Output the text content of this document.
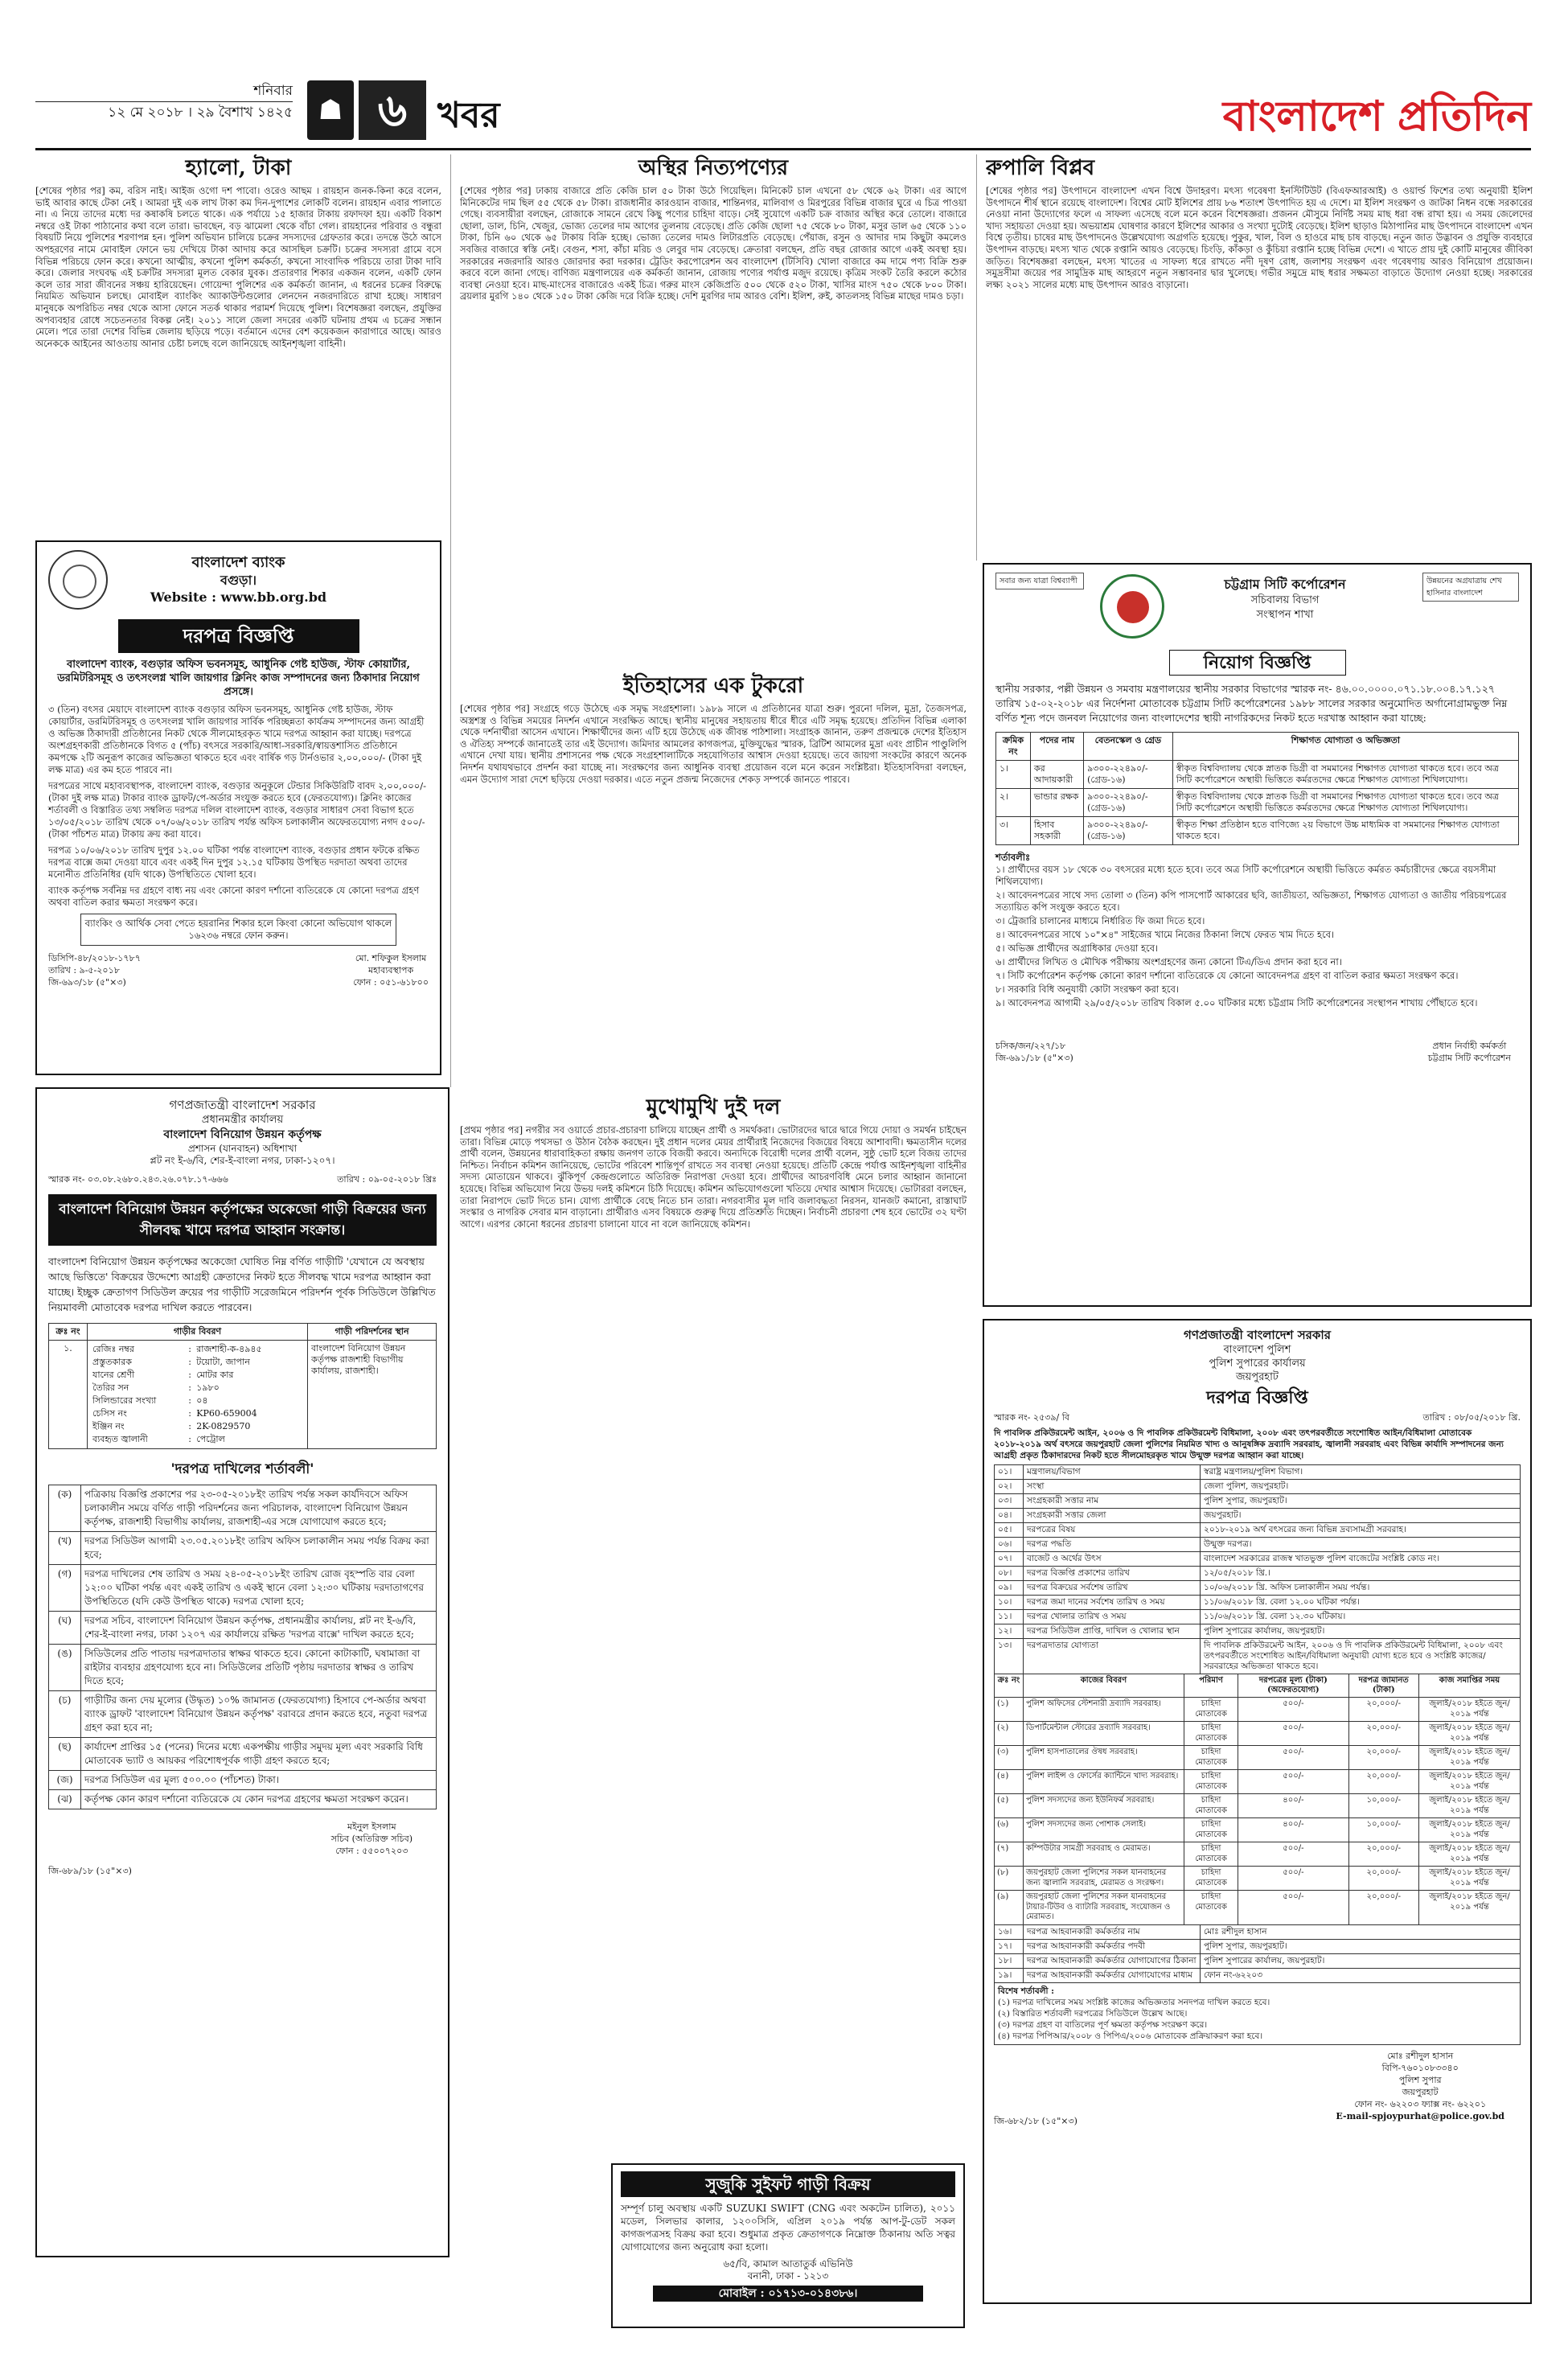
শনিবার
১২ মে ২০১৮ । ২৯ বৈশাখ ১৪২৫ ☗ ৬ খবর	বাংলাদেশ প্রতিদিন
হ্যালো, টাকা
[শেষের পৃষ্ঠার পর] কম, বরিস নাই। আইজ ওগো দশ পাবো। ওরেও আছম । রায়হান জনক-কিনা করে বলেন, ভাই আবার কাছে টেকা নেই । আমরা দুই এক লাখ টাকা কম দিন-দুপাশের লোকটি বলেন। রায়হান এবার পালাতে না। এ নিয়ে তাদের মধ্যে দর কষাকষি চলতে থাকে। এক পর্যায়ে ১৫ হাজার টাকায় রফাদফা হয়। একটি বিকাশ নম্বরে ওই টাকা পাঠানোর কথা বলে তারা। ভাবছেন, বড় ঝামেলা থেকে বাঁচা গেল। রায়হানের পরিবার ও বন্ধুরা বিষয়টি নিয়ে পুলিশের শরণাপন্ন হন। পুলিশ অভিযান চালিয়ে চক্রের সদস্যদের গ্রেফতার করে। তদন্তে উঠে আসে অপহরণের নামে মোবাইল ফোনে ভয় দেখিয়ে টাকা আদায় করে আসছিল চক্রটি। চক্রের সদস্যরা গ্রামে বসে বিভিন্ন পরিচয়ে ফোন করে। কখনো আত্মীয়, কখনো পুলিশ কর্মকর্তা, কখনো সাংবাদিক পরিচয়ে তারা টাকা দাবি করে। জেলার সংঘবদ্ধ এই চক্রটির সদস্যরা মূলত বেকার যুবক। প্রতারণার শিকার একজন বলেন, একটি ফোন কলে তার সারা জীবনের সঞ্চয় হারিয়েছেন। গোয়েন্দা পুলিশের এক কর্মকর্তা জানান, এ ধরনের চক্রের বিরুদ্ধে নিয়মিত অভিযান চলছে। মোবাইল ব্যাংকিং অ্যাকাউন্টগুলোর লেনদেন নজরদারিতে রাখা হচ্ছে। সাধারণ মানুষকে অপরিচিত নম্বর থেকে আসা ফোনে সতর্ক থাকার পরামর্শ দিয়েছে পুলিশ। বিশেষজ্ঞরা বলছেন, প্রযুক্তির অপব্যবহার রোধে সচেতনতার বিকল্প নেই। ২০১১ সালে জেলা সদরের একটি ঘটনায় প্রথম এ চক্রের সন্ধান মেলে। পরে তারা দেশের বিভিন্ন জেলায় ছড়িয়ে পড়ে। বর্তমানে এদের বেশ কয়েকজন কারাগারে আছে। আরও অনেককে আইনের আওতায় আনার চেষ্টা চলছে বলে জানিয়েছে আইনশৃঙ্খলা বাহিনী।
অস্থির নিত্যপণ্যের
[শেষের পৃষ্ঠার পর] ঢাকায় বাজারে প্রতি কেজি চাল ৫০ টাকা উঠে গিয়েছিল। মিনিকেট চাল এখনো ৫৮ থেকে ৬২ টাকা। এর আগে মিনিকেটের দাম ছিল ৫৫ থেকে ৫৮ টাকা। রাজধানীর কারওয়ান বাজার, শান্তিনগর, মালিবাগ ও মিরপুরের বিভিন্ন বাজার ঘুরে এ চিত্র পাওয়া গেছে। ব্যবসায়ীরা বলছেন, রোজাকে সামনে রেখে কিছু পণ্যের চাহিদা বাড়ে। সেই সুযোগে একটি চক্র বাজার অস্থির করে তোলে। বাজারে ছোলা, ডাল, চিনি, খেজুর, ভোজ্য তেলের দাম আগের তুলনায় বেড়েছে। প্রতি কেজি ছোলা ৭৫ থেকে ৮০ টাকা, মসুর ডাল ৬৫ থেকে ১১০ টাকা, চিনি ৬০ থেকে ৬৫ টাকায় বিক্রি হচ্ছে। ভোজ্য তেলের দামও লিটারপ্রতি বেড়েছে। পেঁয়াজ, রসুন ও আদার দাম কিছুটা কমলেও সবজির বাজারে স্বস্তি নেই। বেগুন, শসা, কাঁচা মরিচ ও লেবুর দাম বেড়েছে। ক্রেতারা বলছেন, প্রতি বছর রোজার আগে একই অবস্থা হয়। সরকারের নজরদারি আরও জোরদার করা দরকার। ট্রেডিং করপোরেশন অব বাংলাদেশ (টিসিবি) খোলা বাজারে কম দামে পণ্য বিক্রি শুরু করবে বলে জানা গেছে। বাণিজ্য মন্ত্রণালয়ের এক কর্মকর্তা জানান, রোজায় পণ্যের পর্যাপ্ত মজুদ রয়েছে। কৃত্রিম সংকট তৈরি করলে কঠোর ব্যবস্থা নেওয়া হবে। মাছ-মাংসের বাজারেও একই চিত্র। গরুর মাংস কেজিপ্রতি ৫০০ থেকে ৫২০ টাকা, খাসির মাংস ৭৫০ থেকে ৮০০ টাকা। ব্রয়লার মুরগি ১৪০ থেকে ১৫০ টাকা কেজি দরে বিক্রি হচ্ছে। দেশি মুরগির দাম আরও বেশি। ইলিশ, রুই, কাতলসহ বিভিন্ন মাছের দামও চড়া।
রুপালি বিপ্লব
[শেষের পৃষ্ঠার পর] উৎপাদনে বাংলাদেশ এখন বিশ্বে উদাহরণ। মৎস্য গবেষণা ইনস্টিটিউট (বিএফআরআই) ও ওয়ার্ল্ড ফিশের তথ্য অনুযায়ী ইলিশ উৎপাদনে শীর্ষ স্থানে রয়েছে বাংলাদেশ। বিশ্বের মোট ইলিশের প্রায় ৮৬ শতাংশ উৎপাদিত হয় এ দেশে। মা ইলিশ সংরক্ষণ ও জাটকা নিধন বন্ধে সরকারের নেওয়া নানা উদ্যোগের ফলে এ সাফল্য এসেছে বলে মনে করেন বিশেষজ্ঞরা। প্রজনন মৌসুমে নির্দিষ্ট সময় মাছ ধরা বন্ধ রাখা হয়। এ সময় জেলেদের খাদ্য সহায়তা দেওয়া হয়। অভয়াশ্রম ঘোষণার কারণে ইলিশের আকার ও সংখ্যা দুটোই বেড়েছে। ইলিশ ছাড়াও মিঠাপানির মাছ উৎপাদনে বাংলাদেশ এখন বিশ্বে তৃতীয়। চাষের মাছ উৎপাদনেও উল্লেখযোগ্য অগ্রগতি হয়েছে। পুকুর, খাল, বিল ও হাওরে মাছ চাষ বাড়ছে। নতুন জাত উদ্ভাবন ও প্রযুক্তি ব্যবহারে উৎপাদন বাড়ছে। মৎস্য খাত থেকে রপ্তানি আয়ও বেড়েছে। চিংড়ি, কাঁকড়া ও কুঁচিয়া রপ্তানি হচ্ছে বিভিন্ন দেশে। এ খাতে প্রায় দুই কোটি মানুষের জীবিকা জড়িত। বিশেষজ্ঞরা বলছেন, মৎস্য খাতের এ সাফল্য ধরে রাখতে নদী দূষণ রোধ, জলাশয় সংরক্ষণ এবং গবেষণায় আরও বিনিয়োগ প্রয়োজন। সমুদ্রসীমা জয়ের পর সামুদ্রিক মাছ আহরণে নতুন সম্ভাবনার দ্বার খুলেছে। গভীর সমুদ্রে মাছ ধরার সক্ষমতা বাড়াতে উদ্যোগ নেওয়া হচ্ছে। সরকারের লক্ষ্য ২০২১ সালের মধ্যে মাছ উৎপাদন আরও বাড়ানো।
ইতিহাসের এক টুকরো
[শেষের পৃষ্ঠার পর] সংগ্রহে গড়ে উঠেছে এক সমৃদ্ধ সংগ্রহশালা। ১৯৮৯ সালে এ প্রতিষ্ঠানের যাত্রা শুরু। পুরনো দলিল, মুদ্রা, তৈজসপত্র, অস্ত্রশস্ত্র ও বিভিন্ন সময়ের নিদর্শন এখানে সংরক্ষিত আছে। স্থানীয় মানুষের সহায়তায় ধীরে ধীরে এটি সমৃদ্ধ হয়েছে। প্রতিদিন বিভিন্ন এলাকা থেকে দর্শনার্থীরা আসেন এখানে। শিক্ষার্থীদের জন্য এটি হয়ে উঠেছে এক জীবন্ত পাঠশালা। সংগ্রাহক জানান, তরুণ প্রজন্মকে দেশের ইতিহাস ও ঐতিহ্য সম্পর্কে জানাতেই তার এই উদ্যোগ। জমিদার আমলের কাগজপত্র, মুক্তিযুদ্ধের স্মারক, ব্রিটিশ আমলের মুদ্রা এবং প্রাচীন পাণ্ডুলিপি এখানে দেখা যায়। স্থানীয় প্রশাসনের পক্ষ থেকে সংগ্রহশালাটিকে সহযোগিতার আশ্বাস দেওয়া হয়েছে। তবে জায়গা সংকটের কারণে অনেক নিদর্শন যথাযথভাবে প্রদর্শন করা যাচ্ছে না। সংরক্ষণের জন্য আধুনিক ব্যবস্থা প্রয়োজন বলে মনে করেন সংশ্লিষ্টরা। ইতিহাসবিদরা বলছেন, এমন উদ্যোগ সারা দেশে ছড়িয়ে দেওয়া দরকার। এতে নতুন প্রজন্ম নিজেদের শেকড় সম্পর্কে জানতে পারবে।
মুখোমুখি দুই দল
[প্রথম পৃষ্ঠার পর] নগরীর সব ওয়ার্ডে প্রচার-প্রচারণা চালিয়ে যাচ্ছেন প্রার্থী ও সমর্থকরা। ভোটারদের দ্বারে দ্বারে গিয়ে দোয়া ও সমর্থন চাইছেন তারা। বিভিন্ন মোড়ে পথসভা ও উঠান বৈঠক করছেন। দুই প্রধান দলের মেয়র প্রার্থীরাই নিজেদের বিজয়ের বিষয়ে আশাবাদী। ক্ষমতাসীন দলের প্রার্থী বলেন, উন্নয়নের ধারাবাহিকতা রক্ষায় জনগণ তাকে বিজয়ী করবে। অন্যদিকে বিরোধী দলের প্রার্থী বলেন, সুষ্ঠু ভোট হলে বিজয় তাদের নিশ্চিত। নির্বাচন কমিশন জানিয়েছে, ভোটের পরিবেশ শান্তিপূর্ণ রাখতে সব ব্যবস্থা নেওয়া হয়েছে। প্রতিটি কেন্দ্রে পর্যাপ্ত আইনশৃঙ্খলা বাহিনীর সদস্য মোতায়েন থাকবে। ঝুঁকিপূর্ণ কেন্দ্রগুলোতে অতিরিক্ত নিরাপত্তা দেওয়া হবে। প্রার্থীদের আচরণবিধি মেনে চলার আহ্বান জানানো হয়েছে। বিভিন্ন অভিযোগ নিয়ে উভয় দলই কমিশনে চিঠি দিয়েছে। কমিশন অভিযোগগুলো খতিয়ে দেখার আশ্বাস দিয়েছে। ভোটাররা বলছেন, তারা নিরাপদে ভোট দিতে চান। যোগ্য প্রার্থীকে বেছে নিতে চান তারা। নগরবাসীর মূল দাবি জলাবদ্ধতা নিরসন, যানজট কমানো, রাস্তাঘাট সংস্কার ও নাগরিক সেবার মান বাড়ানো। প্রার্থীরাও এসব বিষয়কে গুরুত্ব দিয়ে প্রতিশ্রুতি দিচ্ছেন। নির্বাচনী প্রচারণা শেষ হবে ভোটের ৩২ ঘণ্টা আগে। এরপর কোনো ধরনের প্রচারণা চালানো যাবে না বলে জানিয়েছে কমিশন।
বাংলাদেশ ব্যাংক
বগুড়া।
Website : www.bb.org.bd
দরপত্র বিজ্ঞপ্তি

বাংলাদেশ ব্যাংক, বগুড়ার অফিস ভবনসমূহ, আধুনিক গেষ্ট হাউজ, স্টাফ কোয়ার্টার, ডরমিটরিসমূহ ও তৎসংলগ্ন খালি জায়গার ক্লিনিং কাজ সম্পাদনের জন্য ঠিকাদার নিয়োগ প্রসঙ্গে।

৩ (তিন) বৎসর মেয়াদে বাংলাদেশ ব্যাংক বগুড়ার অফিস ভবনসমূহ, আধুনিক গেষ্ট হাউজ, স্টাফ কোয়ার্টার, ডরমিটরিসমূহ ও তৎসংলগ্ন খালি জায়গার সার্বিক পরিচ্ছন্নতা কার্যক্রম সম্পাদনের জন্য আগ্রহী ও অভিজ্ঞ ঠিকাদারী প্রতিষ্ঠানের নিকট থেকে সীলমোহরকৃত খামে দরপত্র আহ্বান করা যাচ্ছে। দরপত্রে অংশগ্রহণকারী প্রতিষ্ঠানকে বিগত ৫ (পাঁচ) বৎসরে সরকারি/আধা-সরকারি/স্বায়ত্তশাসিত প্রতিষ্ঠানে কমপক্ষে ২টি অনুরূপ কাজের অভিজ্ঞতা থাকতে হবে এবং বার্ষিক গড় টার্নওভার ২,০০,০০০/- (টাকা দুই লক্ষ মাত্র) এর কম হতে পারবে না।

দরপত্রের সাথে মহাব্যবস্থাপক, বাংলাদেশ ব্যাংক, বগুড়ার অনুকূলে টেন্ডার সিকিউরিটি বাবদ ২,০০,০০০/- (টাকা দুই লক্ষ মাত্র) টাকার ব্যাংক ড্রাফট/পে-অর্ডার সংযুক্ত করতে হবে (ফেরতযোগ্য)। ক্লিনিং কাজের শর্তাবলী ও বিস্তারিত তথ্য সম্বলিত দরপত্র দলিল বাংলাদেশ ব্যাংক, বগুড়ার সাধারণ সেবা বিভাগ হতে ১৩/০৫/২০১৮ তারিখ থেকে ০৭/০৬/২০১৮ তারিখ পর্যন্ত অফিস চলাকালীন অফেরতযোগ্য নগদ ৫০০/- (টাকা পাঁচশত মাত্র) টাকায় ক্রয় করা যাবে।

দরপত্র ১০/০৬/২০১৮ তারিখ দুপুর ১২.০০ ঘটিকা পর্যন্ত বাংলাদেশ ব্যাংক, বগুড়ার প্রধান ফটকে রক্ষিত দরপত্র বাক্সে জমা দেওয়া যাবে এবং একই দিন দুপুর ১২.১৫ ঘটিকায় উপস্থিত দরদাতা অথবা তাদের মনোনীত প্রতিনিধির (যদি থাকে) উপস্থিতিতে খোলা হবে।

ব্যাংক কর্তৃপক্ষ সর্বনিম্ন দর গ্রহণে বাধ্য নয় এবং কোনো কারণ দর্শানো ব্যতিরেকে যে কোনো দরপত্র গ্রহণ অথবা বাতিল করার ক্ষমতা সংরক্ষণ করে।

ব্যাংকিং ও আর্থিক সেবা পেতে হয়রানির শিকার হলে কিংবা কোনো অভিযোগ থাকলে ১৬২৩৬ নম্বরে ফোন করুন।
ডিসিপি-৪৮/২০১৮-১৭৮৭
তারিখ : ৯-৫-২০১৮
জি-৬৯৩/১৮ (৫"×৩)
মো. শফিকুল ইসলাম
মহাব্যবস্থাপক
ফোন : ০৫১-৬১৮০০
গণপ্রজাতন্ত্রী বাংলাদেশ সরকার
প্রধানমন্ত্রীর কার্যালয়
বাংলাদেশ বিনিয়োগ উন্নয়ন কর্তৃপক্ষ
প্রশাসন (যানবাহন) অধিশাখা
প্লট নং ই-৬/বি, শের-ই-বাংলা নগর, ঢাকা-১২০৭।
স্মারক নং- ০৩.০৮.২৬৮০.২৪৩.২৬.০৭৮.১৭-৬৬৬	তারিখ : ০৯-০৫-২০১৮ খ্রিঃ
বাংলাদেশ বিনিয়োগ উন্নয়ন কর্তৃপক্ষের অকেজো গাড়ী বিক্রয়ের জন্য সীলবদ্ধ খামে দরপত্র আহ্বান সংক্রান্ত।

বাংলাদেশ বিনিয়োগ উন্নয়ন কর্তৃপক্ষের অকেজো ঘোষিত নিম্ন বর্ণিত গাড়ীটি 'যেখানে যে অবস্থায় আছে ভিত্তিতে' বিক্রয়ের উদ্দেশ্যে আগ্রহী ক্রেতাদের নিকট হতে সীলবদ্ধ খামে দরপত্র আহ্বান করা যাচ্ছে। ইচ্ছুক ক্রেতাগণ সিডিউল ক্রয়ের পর গাড়ীটি সরেজমিনে পরিদর্শন পূর্বক সিডিউলে উল্লিখিত নিয়মাবলী মোতাবেক দরপত্র দাখিল করতে পারবেন।

ক্রঃ নং	গাড়ীর বিবরণ	গাড়ী পরিদর্শনের স্থান
১.	রেজিঃ নম্বর	:	রাজশাহী-ক-৪৯৪৫
প্রস্তুতকারক	:	টয়োটা, জাপান
যানের শ্রেণী	:	মোটর কার
তৈরির সন	:	১৯৮০
সিলিন্ডারের সংখ্যা	:	০৪
চেসিস নং	:	KP60-659004
ইঞ্জিন নং	:	2K-0829570
ব্যবহৃত জ্বালানী	:	পেট্রোল
	বাংলাদেশ বিনিয়োগ উন্নয়ন কর্তৃপক্ষ রাজশাহী বিভাগীয় কার্যালয়, রাজশাহী।
'দরপত্র দাখিলের শর্তাবলী'
(ক)	পত্রিকায় বিজ্ঞপ্তি প্রকাশের পর ২৩-০৫-২০১৮ইং তারিখ পর্যন্ত সকল কার্যদিবসে অফিস চলাকালীন সময়ে বর্ণিত গাড়ী পরিদর্শনের জন্য পরিচালক, বাংলাদেশ বিনিয়োগ উন্নয়ন কর্তৃপক্ষ, রাজশাহী বিভাগীয় কার্যালয়, রাজশাহী-এর সঙ্গে যোগাযোগ করতে হবে;
(খ)	দরপত্র সিডিউল আগামী ২৩.০৫.২০১৮ইং তারিখ অফিস চলাকালীন সময় পর্যন্ত বিক্রয় করা হবে;
(গ)	দরপত্র দাখিলের শেষ তারিখ ও সময় ২৪-০৫-২০১৮ইং তারিখ রোজ বৃহস্পতি বার বেলা ১২:০০ ঘটিকা পর্যন্ত এবং একই তারিখ ও একই স্থানে বেলা ১২:৩০ ঘটিকায় দরদাতাগণের উপস্থিতিতে (যদি কেউ উপস্থিত থাকে) দরপত্র খোলা হবে;
(ঘ)	দরপত্র সচিব, বাংলাদেশ বিনিয়োগ উন্নয়ন কর্তৃপক্ষ, প্রধানমন্ত্রীর কার্যালয়, প্লট নং ই-৬/বি, শের-ই-বাংলা নগর, ঢাকা ১২০৭ এর কার্যালয়ে রক্ষিত 'দরপত্র বাক্সে' দাখিল করতে হবে;
(ঙ)	সিডিউলের প্রতি পাতায় দরপত্রদাতার স্বাক্ষর থাকতে হবে। কোনো কাটাকাটি, ঘষামাজা বা রাইটার ব্যবহার গ্রহণযোগ্য হবে না। সিডিউলের প্রতিটি পৃষ্ঠায় দরদাতার স্বাক্ষর ও তারিখ দিতে হবে;
(চ)	গাড়ীটির জন্য দেয় মূল্যের (উদ্ধৃত) ১০% জামানত (ফেরতযোগ্য) হিসাবে পে-অর্ডার অথবা ব্যাংক ড্রাফট 'বাংলাদেশ বিনিয়োগ উন্নয়ন কর্তৃপক্ষ' বরাবরে প্রদান করতে হবে, নতুবা দরপত্র গ্রহণ করা হবে না;
(ছ)	কার্যাদেশ প্রাপ্তির ১৫ (পনের) দিনের মধ্যে একপক্ষীয় গাড়ীর সমুদয় মূল্য এবং সরকারি বিধি মোতাবেক ভ্যাট ও আয়কর পরিশোধপূর্বক গাড়ী গ্রহণ করতে হবে;
(জ)	দরপত্র সিডিউল এর মূল্য ৫০০.০০ (পাঁচশত) টাকা।
(ঝ)	কর্তৃপক্ষ কোন কারণ দর্শানো ব্যতিরেকে যে কোন দরপত্র গ্রহণের ক্ষমতা সংরক্ষণ করেন।
মইনুল ইসলাম
সচিব (অতিরিক্ত সচিব)
ফোন : ৫৫০০৭২০৩
জি-৬৮৯/১৮ (১৫"×৩)
সুজুকি সুইফট গাড়ী বিক্রয়

সম্পূর্ণ চালু অবস্থায় একটি SUZUKI SWIFT (CNG এবং অকটেন চালিত), ২০১১ মডেল, সিলভার কালার, ১২০০সিসি, এপ্রিল ২০১৯ পর্যন্ত আপ-টু-ডেট সকল কাগজপত্রসহ বিক্রয় করা হবে। শুধুমাত্র প্রকৃত ক্রেতাগণকে নিম্নোক্ত ঠিকানায় অতি সত্বর যোগাযোগের জন্য অনুরোধ করা হলো।

৬৫/বি, কামাল আতাতুর্ক এভিনিউ
বনানী, ঢাকা - ১২১৩
মোবাইল : ০১৭১৩-০১৪৩৮৬।
সবার জন্য যাত্রা বিশ্বব্যাপী	চট্টগ্রাম সিটি কর্পোরেশন
সচিবালয় বিভাগ
সংস্থাপন শাখা
উন্নয়নের অগ্রযাত্রায় শেখ হাসিনার বাংলাদেশ
নিয়োগ বিজ্ঞপ্তি

স্থানীয় সরকার, পল্লী উন্নয়ন ও সমবায় মন্ত্রণালয়ের স্থানীয় সরকার বিভাগের স্মারক নং- ৪৬.০০.০০০০.০৭১.১৮.০০৪.১৭.১২৭ তারিখ ১৫-০২-২০১৮ এর নির্দেশনা মোতাবেক চট্টগ্রাম সিটি কর্পোরেশনের ১৯৮৮ সালের সরকার অনুমোদিত অর্গানোগ্রামভুক্ত নিম্ন বর্ণিত শূন্য পদে জনবল নিয়োগের জন্য বাংলাদেশের স্থায়ী নাগরিকদের নিকট হতে দরখাস্ত আহ্বান করা যাচ্ছে:

ক্রমিক নং	পদের নাম	বেতনস্কেল ও গ্রেড	শিক্ষাগত যোগ্যতা ও অভিজ্ঞতা
১।	কর আদায়কারী	৯৩০০-২২৪৯০/- (গ্রেড-১৬)	স্বীকৃত বিশ্ববিদ্যালয় থেকে স্নাতক ডিগ্রী বা সমমানের শিক্ষাগত যোগ্যতা থাকতে হবে। তবে অত্র সিটি কর্পোরেশনে অস্থায়ী ভিত্তিতে কর্মরতদের ক্ষেত্রে শিক্ষাগত যোগ্যতা শিথিলযোগ্য।
২।	ভান্ডার রক্ষক	৯৩০০-২২৪৯০/- (গ্রেড-১৬)	স্বীকৃত বিশ্ববিদ্যালয় থেকে স্নাতক ডিগ্রী বা সমমানের শিক্ষাগত যোগ্যতা থাকতে হবে। তবে অত্র সিটি কর্পোরেশনে অস্থায়ী ভিত্তিতে কর্মরতদের ক্ষেত্রে শিক্ষাগত যোগ্যতা শিথিলযোগ্য।
৩।	হিসাব সহকারী	৯৩০০-২২৪৯০/- (গ্রেড-১৬)	স্বীকৃত শিক্ষা প্রতিষ্ঠান হতে বাণিজ্যে ২য় বিভাগে উচ্চ মাধ্যমিক বা সমমানের শিক্ষাগত যোগ্যতা থাকতে হবে।
শর্তাবলীঃ
১। প্রার্থীদের বয়স ১৮ থেকে ৩০ বৎসরের মধ্যে হতে হবে। তবে অত্র সিটি কর্পোরেশনে অস্থায়ী ভিত্তিতে কর্মরত কর্মচারীদের ক্ষেত্রে বয়সসীমা শিথিলযোগ্য।
২। আবেদনপত্রের সাথে সদ্য তোলা ৩ (তিন) কপি পাসপোর্ট আকারের ছবি, জাতীয়তা, অভিজ্ঞতা, শিক্ষাগত যোগ্যতা ও জাতীয় পরিচয়পত্রের সত্যায়িত কপি সংযুক্ত করতে হবে।
৩। ট্রেজারি চালানের মাধ্যমে নির্ধারিত ফি জমা দিতে হবে।
৪। আবেদনপত্রের সাথে ১০"×৪" সাইজের খামে নিজের ঠিকানা লিখে ফেরত খাম দিতে হবে।
৫। অভিজ্ঞ প্রার্থীদের অগ্রাধিকার দেওয়া হবে।
৬। প্রার্থীদের লিখিত ও মৌখিক পরীক্ষায় অংশগ্রহণের জন্য কোনো টিএ/ডিএ প্রদান করা হবে না।
৭। সিটি কর্পোরেশন কর্তৃপক্ষ কোনো কারণ দর্শানো ব্যতিরেকে যে কোনো আবেদনপত্র গ্রহণ বা বাতিল করার ক্ষমতা সংরক্ষণ করে।
৮। সরকারি বিধি অনুযায়ী কোটা সংরক্ষণ করা হবে।
৯। আবেদনপত্র আগামী ২৯/০৫/২০১৮ তারিখ বিকাল ৫.০০ ঘটিকার মধ্যে চট্টগ্রাম সিটি কর্পোরেশনের সংস্থাপন শাখায় পৌঁছাতে হবে।
চসিক/জন/২২৭/১৮
জি-৬৯১/১৮ (৫"×৩)
প্রধান নির্বাহী কর্মকর্তা
চট্টগ্রাম সিটি কর্পোরেশন
গণপ্রজাতন্ত্রী বাংলাদেশ সরকার
বাংলাদেশ পুলিশ
পুলিশ সুপারের কার্যালয়
জয়পুরহাট
দরপত্র বিজ্ঞপ্তি
স্মারক নং- ২৫৩৯/ বি	তারিখ : ০৮/০৫/২০১৮ খ্রি.

দি পাবলিক প্রকিউরমেন্ট আইন, ২০০৬ ও দি পাবলিক প্রকিউরমেন্ট বিধিমালা, ২০০৮ এবং তৎপরবর্তীতে সংশোধিত আইন/বিধিমালা মোতাবেক ২০১৮-২০১৯ অর্থ বৎসরে জয়পুরহাট জেলা পুলিশের নিয়মিত খাদ্য ও আনুষঙ্গিক দ্রব্যাদি সরবরাহ, জ্বালানী সরবরাহ এবং বিভিন্ন কার্যাদি সম্পাদনের জন্য আগ্রহী প্রকৃত ঠিকাদারদের নিকট হতে সীলমোহরকৃত খামে উন্মুক্ত দরপত্র আহ্বান করা যাচ্ছে।

০১।	মন্ত্রণালয়/বিভাগ	স্বরাষ্ট্র মন্ত্রণালয়/পুলিশ বিভাগ।
০২।	সংস্থা	জেলা পুলিশ, জয়পুরহাট।
০৩।	সংগ্রহকারী সত্তার নাম	পুলিশ সুপার, জয়পুরহাট।
০৪।	সংগ্রহকারী সত্তার জেলা	জয়পুরহাট।
০৫।	দরপত্রের বিষয়	২০১৮-২০১৯ অর্থ বৎসরের জন্য বিভিন্ন দ্রব্যসামগ্রী সরবরাহ।
০৬।	দরপত্র পদ্ধতি	উন্মুক্ত দরপত্র।
০৭।	বাজেট ও অর্থের উৎস	বাংলাদেশ সরকারের রাজস্ব খাতভুক্ত পুলিশ বাজেটের সংশ্লিষ্ট কোড নং।
০৮।	দরপত্র বিজ্ঞপ্তি প্রকাশের তারিখ	১২/০৫/২০১৮ খ্রি.।
০৯।	দরপত্র বিক্রয়ের সর্বশেষ তারিখ	১০/০৬/২০১৮ খ্রি. অফিস চলাকালীন সময় পর্যন্ত।
১০।	দরপত্র জমা দানের সর্বশেষ তারিখ ও সময়	১১/০৬/২০১৮ খ্রি. বেলা ১২.০০ ঘটিকা পর্যন্ত।
১১।	দরপত্র খোলার তারিখ ও সময়	১১/০৬/২০১৮ খ্রি. বেলা ১২.৩০ ঘটিকায়।
১২।	দরপত্র সিডিউল প্রাপ্তি, দাখিল ও খোলার স্থান	পুলিশ সুপারের কার্যালয়, জয়পুরহাট।
১৩।	দরপত্রদাতার যোগ্যতা	দি পাবলিক প্রকিউরমেন্ট আইন, ২০০৬ ও দি পাবলিক প্রকিউরমেন্ট বিধিমালা, ২০০৮ এবং তৎপরবর্তীতে সংশোধিত আইন/বিধিমালা অনুযায়ী যোগ্য হতে হবে ও সংশ্লিষ্ট কাজের/সরবরাহের অভিজ্ঞতা থাকতে হবে।
ক্রঃ নং	কাজের বিবরণ	পরিমাণ	দরপত্রের মূল্য (টাকা) (অফেরতযোগ্য)	দরপত্র জামানত (টাকা)	কাজ সমাপ্তির সময়
(১)	পুলিশ অফিসের স্টেশনারী দ্রব্যাদি সরবরাহ।	চাহিদা মোতাবেক	৫০০/-	২০,০০০/-	জুলাই/২০১৮ হইতে জুন/২০১৯ পর্যন্ত
(২)	ডিপার্টমেন্টাল স্টোরের দ্রব্যাদি সরবরাহ।	চাহিদা মোতাবেক	৫০০/-	২০,০০০/-	জুলাই/২০১৮ হইতে জুন/২০১৯ পর্যন্ত
(৩)	পুলিশ হাসপাতালের ঔষধ সরবরাহ।	চাহিদা মোতাবেক	৫০০/-	২০,০০০/-	জুলাই/২০১৮ হইতে জুন/২০১৯ পর্যন্ত
(৪)	পুলিশ লাইন্স ও ফোর্সের ক্যান্টিনে খাদ্য সরবরাহ।	চাহিদা মোতাবেক	৫০০/-	২০,০০০/-	জুলাই/২০১৮ হইতে জুন/২০১৯ পর্যন্ত
(৫)	পুলিশ সদস্যদের জন্য ইউনিফর্ম সরবরাহ।	চাহিদা মোতাবেক	৪০০/-	১০,০০০/-	জুলাই/২০১৮ হইতে জুন/২০১৯ পর্যন্ত
(৬)	পুলিশ সদস্যদের জন্য পোশাক সেলাই।	চাহিদা মোতাবেক	৪০০/-	১০,০০০/-	জুলাই/২০১৮ হইতে জুন/২০১৯ পর্যন্ত
(৭)	কম্পিউটার সামগ্রী সরবরাহ ও মেরামত।	চাহিদা মোতাবেক	৫০০/-	২০,০০০/-	জুলাই/২০১৮ হইতে জুন/২০১৯ পর্যন্ত
(৮)	জয়পুরহাট জেলা পুলিশের সকল যানবাহনের জন্য জ্বালানি সরবরাহ, মেরামত ও সংরক্ষণ।	চাহিদা মোতাবেক	৫০০/-	২০,০০০/-	জুলাই/২০১৮ হইতে জুন/২০১৯ পর্যন্ত
(৯)	জয়পুরহাট জেলা পুলিশের সকল যানবাহনের টায়ার-টিউব ও ব্যাটারি সরবরাহ, সংযোজন ও মেরামত।	চাহিদা মোতাবেক	৫০০/-	২০,০০০/-	জুলাই/২০১৮ হইতে জুন/২০১৯ পর্যন্ত
১৬।	দরপত্র আহবানকারী কর্মকর্তার নাম	মোঃ রশীদুল হাসান
১৭।	দরপত্র আহবানকারী কর্মকর্তার পদবী	পুলিশ সুপার, জয়পুরহাট।
১৮।	দরপত্র আহবানকারী কর্মকর্তার যোগাযোগের ঠিকানা	পুলিশ সুপারের কার্যালয়, জয়পুরহাট।
১৯।	দরপত্র আহবানকারী কর্মকর্তার যোগাযোগের মাধ্যম	ফোন নং-৬২২০৩
বিশেষ শর্তাবলী :
(১) দরপত্র দাখিলের সময় সংশ্লিষ্ট কাজের অভিজ্ঞতার সনদপত্র দাখিল করতে হবে।
(২) বিস্তারিত শর্তাবলী দরপত্রের সিডিউলে উল্লেখ আছে।
(৩) দরপত্র গ্রহণ বা বাতিলের পূর্ণ ক্ষমতা কর্তৃপক্ষ সংরক্ষণ করে।
(৪) দরপত্র পিপিআর/২০০৮ ও পিপিএ/২০০৬ মোতাবেক প্রক্রিয়াকরণ করা হবে।
মোঃ রশীদুল হাসান
বিপি-৭৬০১০৮৩৩৪০
পুলিশ সুপার
জয়পুরহাট
ফোন নং- ৬২২০৩ ফ্যাক্স নং- ৬২২০১
E-mail-spjoypurhat@police.gov.bd
জি-৬৮২/১৮ (১৫"×৩)
